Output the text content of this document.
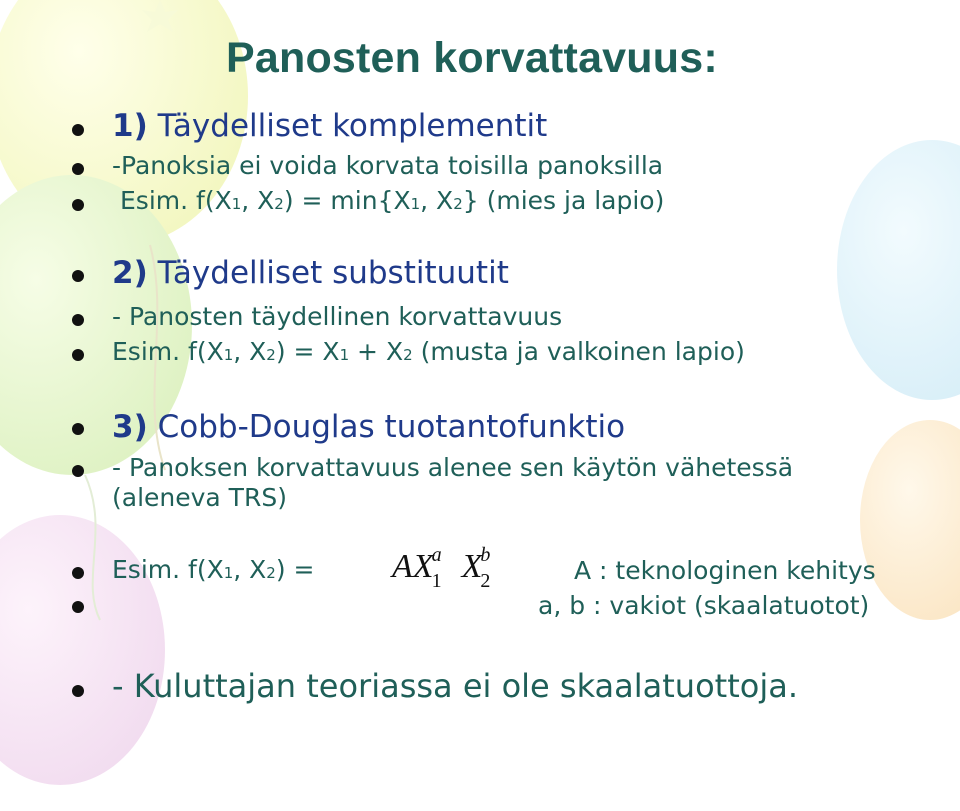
Panosten korvattavuus:
1) Täydelliset komplementit
-Panoksia ei voida korvata toisilla panoksilla
Esim. f(X1, X2) = min{X1, X2} (mies ja lapio)
2) Täydelliset substituutit
- Panosten täydellinen korvattavuus
Esim. f(X1, X2) = X1 + X2 (musta ja valkoinen lapio)
3) Cobb-Douglas tuotantofunktio
- Panoksen korvattavuus alenee sen käytön vähetessä
(aleneva TRS)
Esim. f(X1, $X2) = AX^a_1$ $X^b_2$	A : teknologinen kehitys
a, b : vakiot (skaalatuotot)
- Kuluttajan teoriassa ei ole skaalatuottoja.
